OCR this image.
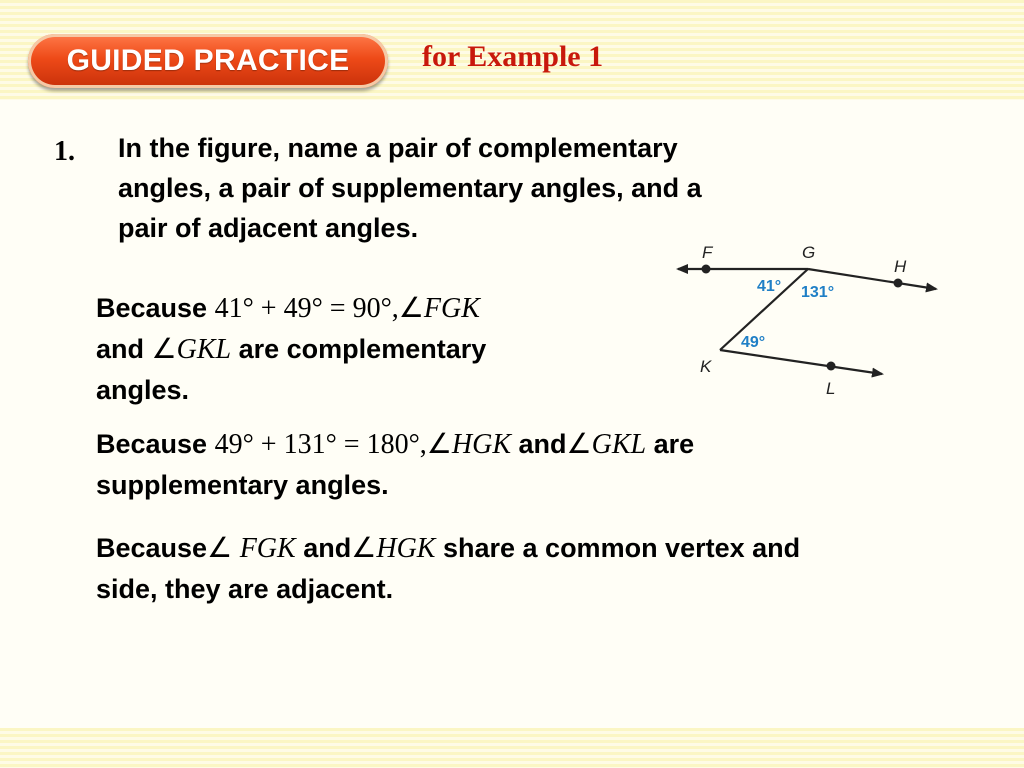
GUIDED PRACTICE for Example 1
1. In the figure, name a pair of complementary
angles, a pair of supplementary angles, and a
pair of adjacent angles.
F	G
H
K
L
41° 131°
49°
Because 41° + 49° = 90°,∠FGK
and ∠GKL are complementary
angles.
Because 49° + 131° = 180°,∠HGK and∠GKL are
supplementary angles.
Because∠ FGK and∠HGK share a common vertex and
side, they are adjacent.
